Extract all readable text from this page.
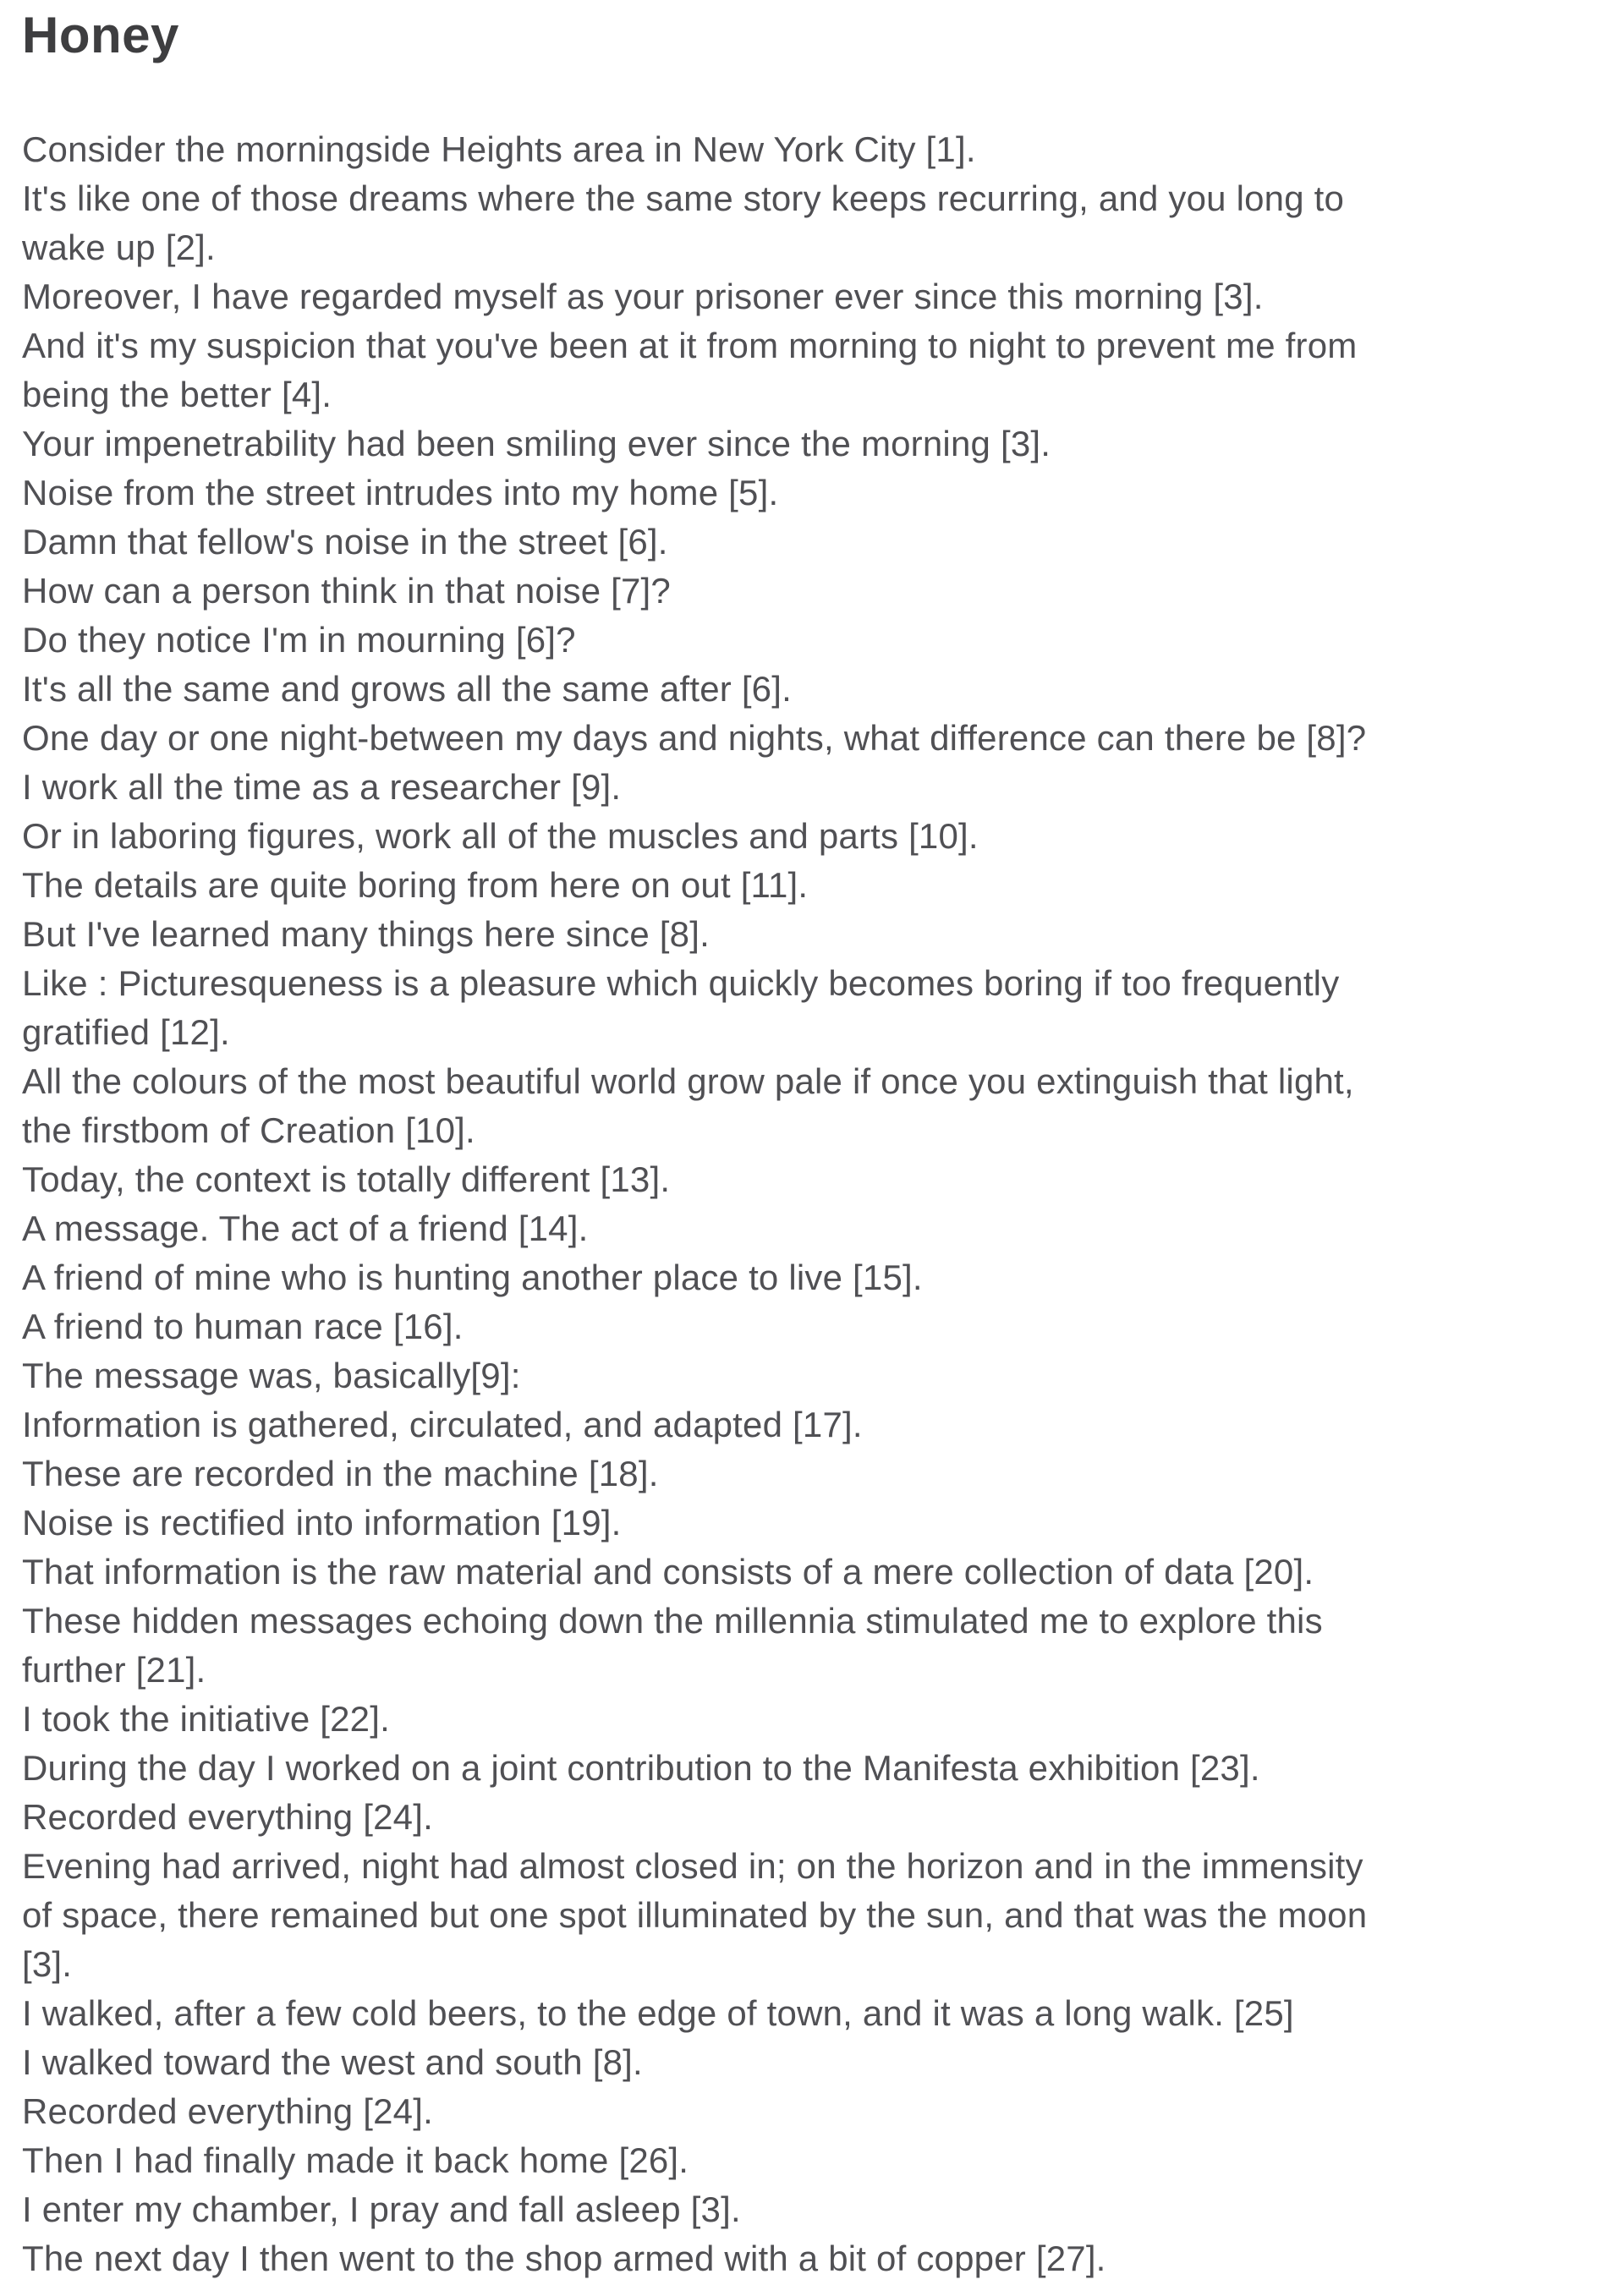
Honey
Consider the morningside Heights area in New York City [1].
It's like one of those dreams where the same story keeps recurring, and you long to
wake up [2].
Moreover, I have regarded myself as your prisoner ever since this morning [3].
And it's my suspicion that you've been at it from morning to night to prevent me from
being the better [4].
Your impenetrability had been smiling ever since the morning [3].
Noise from the street intrudes into my home [5].
Damn that fellow's noise in the street [6].
How can a person think in that noise [7]?
Do they notice I'm in mourning [6]?
It's all the same and grows all the same after [6].
One day or one night-between my days and nights, what difference can there be [8]?
I work all the time as a researcher [9].
Or in laboring figures, work all of the muscles and parts [10].
The details are quite boring from here on out [11].
But I've learned many things here since [8].
Like : Picturesqueness is a pleasure which quickly becomes boring if too frequently
gratified [12].
All the colours of the most beautiful world grow pale if once you extinguish that light,
the firstbom of Creation [10].
Today, the context is totally different [13].
A message. The act of a friend [14].
A friend of mine who is hunting another place to live [15].
A friend to human race [16].
The message was, basically[9]:
Information is gathered, circulated, and adapted [17].
These are recorded in the machine [18].
Noise is rectified into information [19].
That information is the raw material and consists of a mere collection of data [20].
These hidden messages echoing down the millennia stimulated me to explore this
further [21].
I took the initiative [22].
During the day I worked on a joint contribution to the Manifesta exhibition [23].
Recorded everything [24].
Evening had arrived, night had almost closed in; on the horizon and in the immensity
of space, there remained but one spot illuminated by the sun, and that was the moon
[3].
I walked, after a few cold beers, to the edge of town, and it was a long walk. [25]
I walked toward the west and south [8].
Recorded everything [24].
Then I had finally made it back home [26].
I enter my chamber, I pray and fall asleep [3].
The next day I then went to the shop armed with a bit of copper [27].
